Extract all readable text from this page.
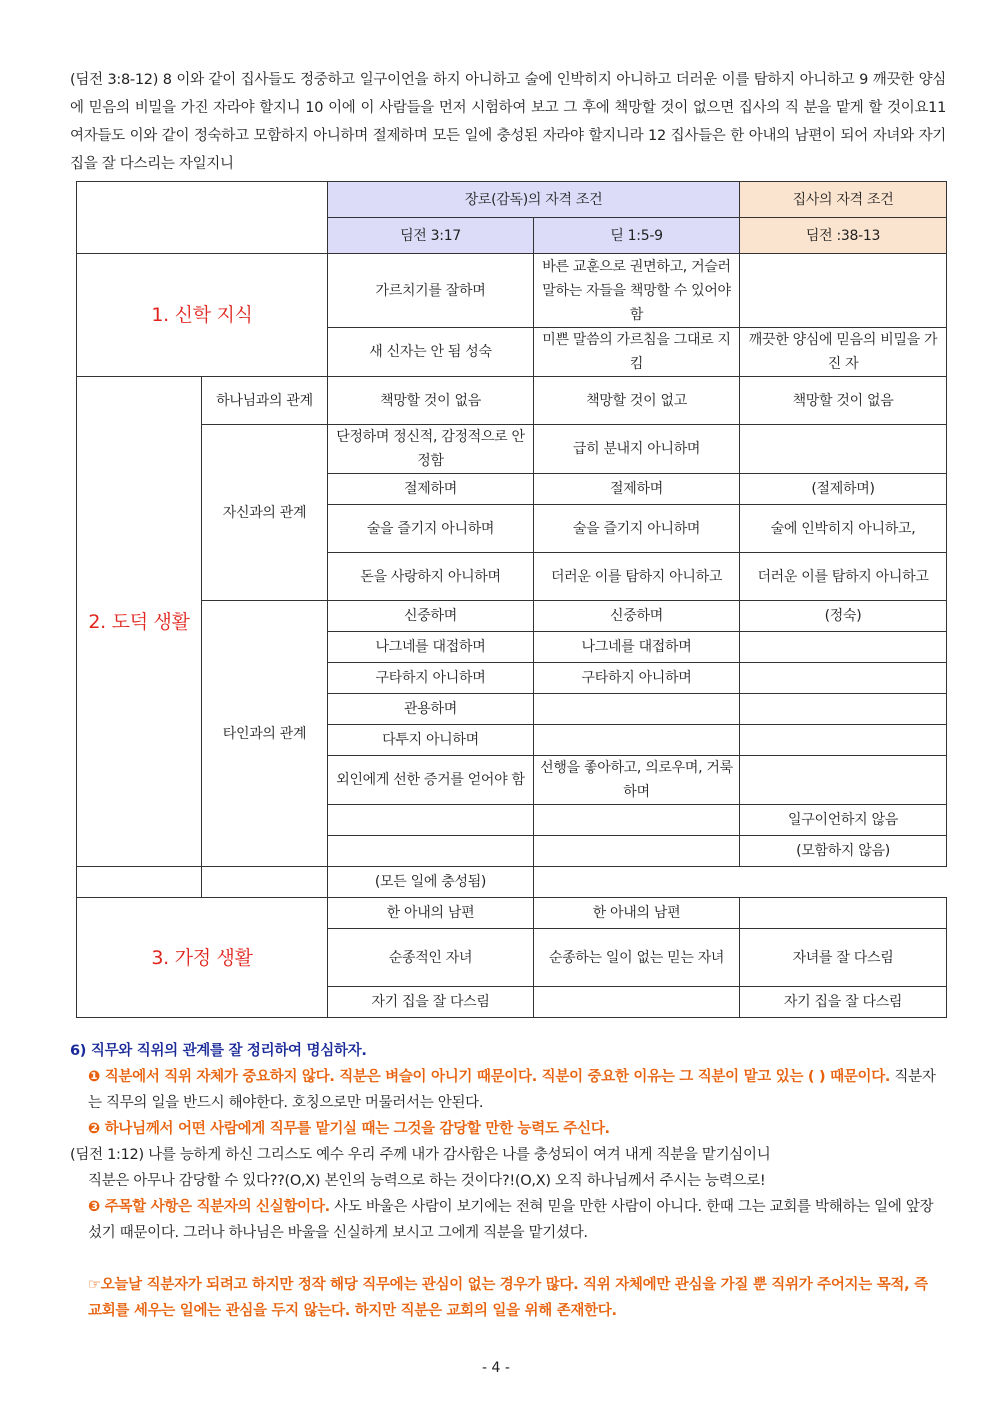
(딤전 3:8-12) 8 이와 같이 집사들도 정중하고 일구이언을 하지 아니하고 술에 인박히지 아니하고 더러운 이를 탐하지 아니하고 9 깨끗한 양심에 믿음의 비밀을 가진 자라야 할지니 10 이에 이 사람들을 먼저 시험하여 보고 그 후에 책망할 것이 없으면 집사의 직 분을 맡게 할 것이요11 여자들도 이와 같이 정숙하고 모함하지 아니하며 절제하며 모든 일에 충성된 자라야 할지니라 12 집사들은 한 아내의 남편이 되어 자녀와 자기 집을 잘 다스리는 자일지니
		장로(감독)의 자격 조건		집사의 자격 조건
		딤전 3:17	딛 1:5-9	딤전 :38-13
1. 신학 지식		가르치기를 잘하며	바른 교훈으로 권면하고, 거슬러 말하는 자들을 책망할 수 있어야 함	
		새 신자는 안 됨 성숙	미쁜 말씀의 가르침을 그대로 지킴	깨끗한 양심에 믿음의 비밀을 가진 자
2. 도덕 생활	하나님과의 관계	책망할 것이 없음	책망할 것이 없고	책망할 것이 없음
	자신과의 관계	단정하며 정신적, 감정적으로 안정함	급히 분내지 아니하며	
		절제하며	절제하며	(절제하며)
		술을 즐기지 아니하며	술을 즐기지 아니하며	술에 인박히지 아니하고,
		돈을 사랑하지 아니하며	더러운 이를 탐하지 아니하고	더러운 이를 탐하지 아니하고
	타인과의 관계	신중하며	신중하며	(정숙)
		나그네를 대접하며	나그네를 대접하며	
		구타하지 아니하며	구타하지 아니하며	
		관용하며		
		다투지 아니하며		
		외인에게 선한 증거를 얻어야 함	선행을 좋아하고, 의로우며, 거룩하며	
				일구이언하지 않음
				(모함하지 않음)
		(모든 일에 충성됨)		
3. 가정 생활		한 아내의 남편	한 아내의 남편	
		순종적인 자녀	순종하는 일이 없는 믿는 자녀	자녀를 잘 다스림
		자기 집을 잘 다스림		자기 집을 잘 다스림

6) 직무와 직위의 관계를 잘 정리하여 명심하자.

❶ 직분에서 직위 자체가 중요하지 않다. 직분은 벼슬이 아니기 때문이다. 직분이 중요한 이유는 그 직분이 맡고 있는 ( ) 때문이다. 직분자는 직무의 일을 반드시 해야한다. 호칭으로만 머물러서는 안된다.

❷ 하나님께서 어떤 사람에게 직무를 맡기실 때는 그것을 감당할 만한 능력도 주신다.

(딤전 1:12) 나를 능하게 하신 그리스도 예수 우리 주께 내가 감사함은 나를 충성되이 여겨 내게 직분을 맡기심이니

직분은 아무나 감당할 수 있다??(O,X) 본인의 능력으로 하는 것이다?!(O,X) 오직 하나님께서 주시는 능력으로!

❸ 주목할 사항은 직분자의 신실함이다. 사도 바울은 사람이 보기에는 전혀 믿을 만한 사람이 아니다. 한때 그는 교회를 박해하는 일에 앞장섰기 때문이다. 그러나 하나님은 바울을 신실하게 보시고 그에게 직분을 맡기셨다.

☞오늘날 직분자가 되려고 하지만 정작 해당 직무에는 관심이 없는 경우가 많다. 직위 자체에만 관심을 가질 뿐 직위가 주어지는 목적, 즉 교회를 세우는 일에는 관심을 두지 않는다. 하지만 직분은 교회의 일을 위해 존재한다.

- 4 -
